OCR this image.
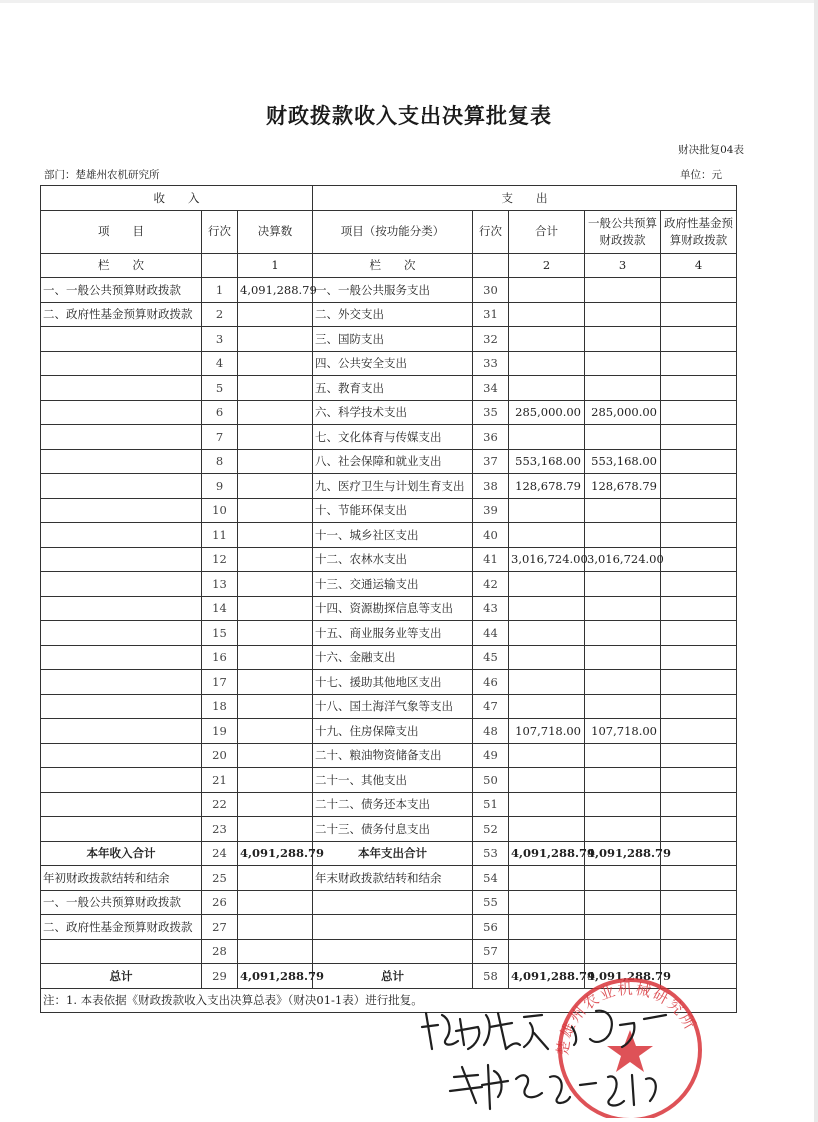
财政拨款收入支出决算批复表
财决批复04表
部门：楚雄州农机研究所	单位：元
收　　入			支　　出				
项　　目	行次	决算数	项目（按功能分类）	行次	合计	一般公共预算财政拨款	政府性基金预算财政拨款
栏　　次		1	栏　　次		2	3	4
一、一般公共预算财政拨款	1	4,091,288.79	一、一般公共服务支出	30			
二、政府性基金预算财政拨款	2		二、外交支出	31			
	3		三、国防支出	32			
	4		四、公共安全支出	33			
	5		五、教育支出	34			
	6		六、科学技术支出	35	285,000.00	285,000.00	
	7		七、文化体育与传媒支出	36			
	8		八、社会保障和就业支出	37	553,168.00	553,168.00	
	9		九、医疗卫生与计划生育支出	38	128,678.79	128,678.79	
	10		十、节能环保支出	39			
	11		十一、城乡社区支出	40			
	12		十二、农林水支出	41	3,016,724.00	3,016,724.00	
	13		十三、交通运输支出	42			
	14		十四、资源勘探信息等支出	43			
	15		十五、商业服务业等支出	44			
	16		十六、金融支出	45			
	17		十七、援助其他地区支出	46			
	18		十八、国土海洋气象等支出	47			
	19		十九、住房保障支出	48	107,718.00	107,718.00	
	20		二十、粮油物资储备支出	49			
	21		二十一、其他支出	50			
	22		二十二、债务还本支出	51			
	23		二十三、债务付息支出	52			
本年收入合计	24	4,091,288.79	本年支出合计	53	4,091,288.79	4,091,288.79	
年初财政拨款结转和结余	25		年末财政拨款结转和结余	54			
一、一般公共预算财政拨款	26			55			
二、政府性基金预算财政拨款	27			56			
	28			57			
总计	29	4,091,288.79	总计	58	4,091,288.79	4,091,288.79	
注：1. 本表依据《财政拨款收入支出决算总表》（财决01-1表）进行批复。							
楚雄州农业机械研究所
